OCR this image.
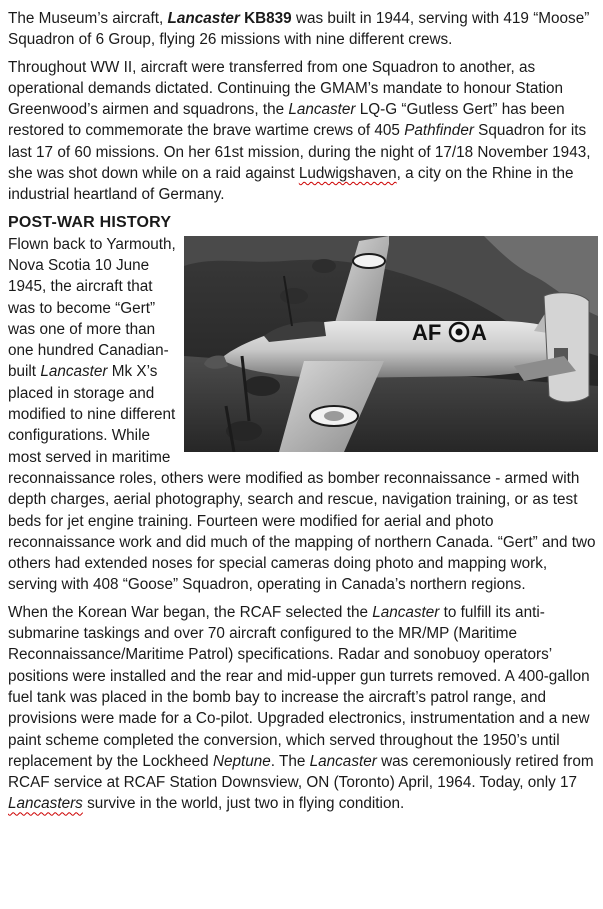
The Museum’s aircraft, Lancaster KB839 was built in 1944, serving with 419 “Moose” Squadron of 6 Group, flying 26 missions with nine different crews.

Throughout WW II, aircraft were transferred from one Squadron to another, as operational demands dictated. Continuing the GMAM’s mandate to honour Station Greenwood’s airmen and squadrons, the Lancaster LQ-G “Gutless Gert” has been restored to commemorate the brave wartime crews of 405 Pathfinder Squadron for its last 17 of 60 missions. On her 61st mission, during the night of 17/18 November 1943, she was shot down while on a raid against Ludwigshaven, a city on the Rhine in the industrial heartland of Germany.

POST-WAR HISTORY
AF A

Flown back to Yarmouth, Nova Scotia 10 June 1945, the aircraft that was to become “Gert” was one of more than one hundred Canadian-built Lancaster Mk X’s placed in storage and modified to nine different configurations. While most served in maritime reconnaissance roles, others were modified as bomber reconnaissance - armed with depth charges, aerial photography, search and rescue, navigation training, or as test beds for jet engine training. Fourteen were modified for aerial and photo reconnaissance work and did much of the mapping of northern Canada. “Gert” and two others had extended noses for special cameras doing photo and mapping work, serving with 408 “Goose” Squadron, operating in Canada’s northern regions.

When the Korean War began, the RCAF selected the Lancaster to fulfill its anti-submarine taskings and over 70 aircraft configured to the MR/MP (Maritime Reconnaissance/Maritime Patrol) specifications. Radar and sonobuoy operators’ positions were installed and the rear and mid-upper gun turrets removed. A 400-gallon fuel tank was placed in the bomb bay to increase the aircraft’s patrol range, and provisions were made for a Co-pilot. Upgraded electronics, instrumentation and a new paint scheme completed the conversion, which served throughout the 1950’s until replacement by the Lockheed Neptune. The Lancaster was ceremoniously retired from RCAF service at RCAF Station Downsview, ON (Toronto) April, 1964. Today, only 17 Lancasters survive in the world, just two in flying condition.
